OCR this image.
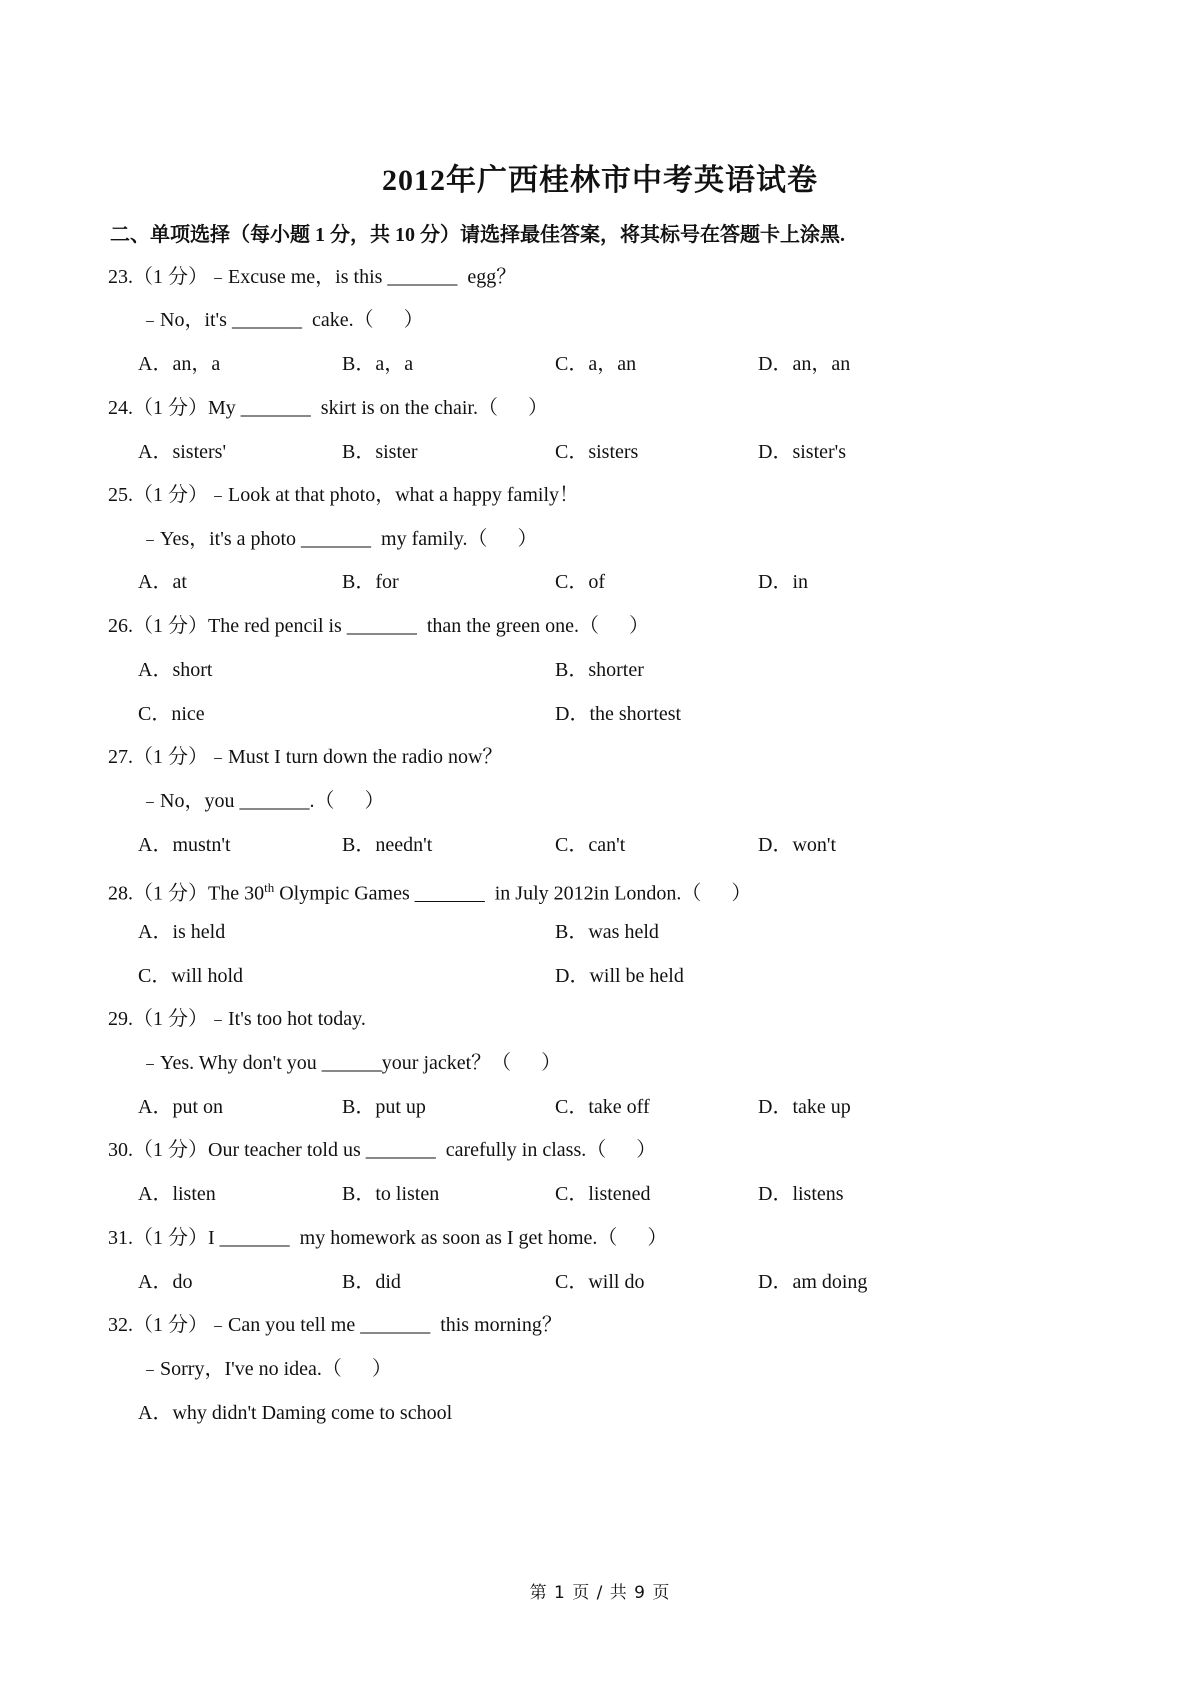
2012年广西桂林市中考英语试卷
二、单项选择（每小题 1 分，共 10 分）请选择最佳答案，将其标号在答题卡上涂黑.
23.（1 分）﹣Excuse me，is this _______  egg？
﹣No，it's _______  cake.（      ）
A．an，a	B．a，a	C．a，an	D．an，an
24.（1 分）My _______  skirt is on the chair.（      ）
A．sisters'	B．sister	C．sisters	D．sister's
25.（1 分）﹣Look at that photo，what a happy family！
﹣Yes，it's a photo _______  my family.（      ）
A．at	B．for	C．of	D．in
26.（1 分）The red pencil is _______  than the green one.（      ）
A．short	B．shorter
C．nice	D．the shortest
27.（1 分）﹣Must I turn down the radio now？
﹣No，you _______.（      ）
A．mustn't	B．needn't	C．can't	D．won't
28.（1 分）The 30th Olympic Games _______  in July 2012in London.（      ）
A．is held	B．was held
C．will hold	D．will be held
29.（1 分）﹣It's too hot today.
﹣Yes. Why don't you ______your jacket？（      ）
A．put on	B．put up	C．take off	D．take up
30.（1 分）Our teacher told us _______  carefully in class.（      ）
A．listen	B．to listen	C．listened	D．listens
31.（1 分）I _______  my homework as soon as I get home.（      ）
A．do	B．did	C．will do	D．am doing
32.（1 分）﹣Can you tell me _______  this morning？
﹣Sorry，I've no idea.（      ）
A．why didn't Daming come to school
第 1 页 / 共 9 页
